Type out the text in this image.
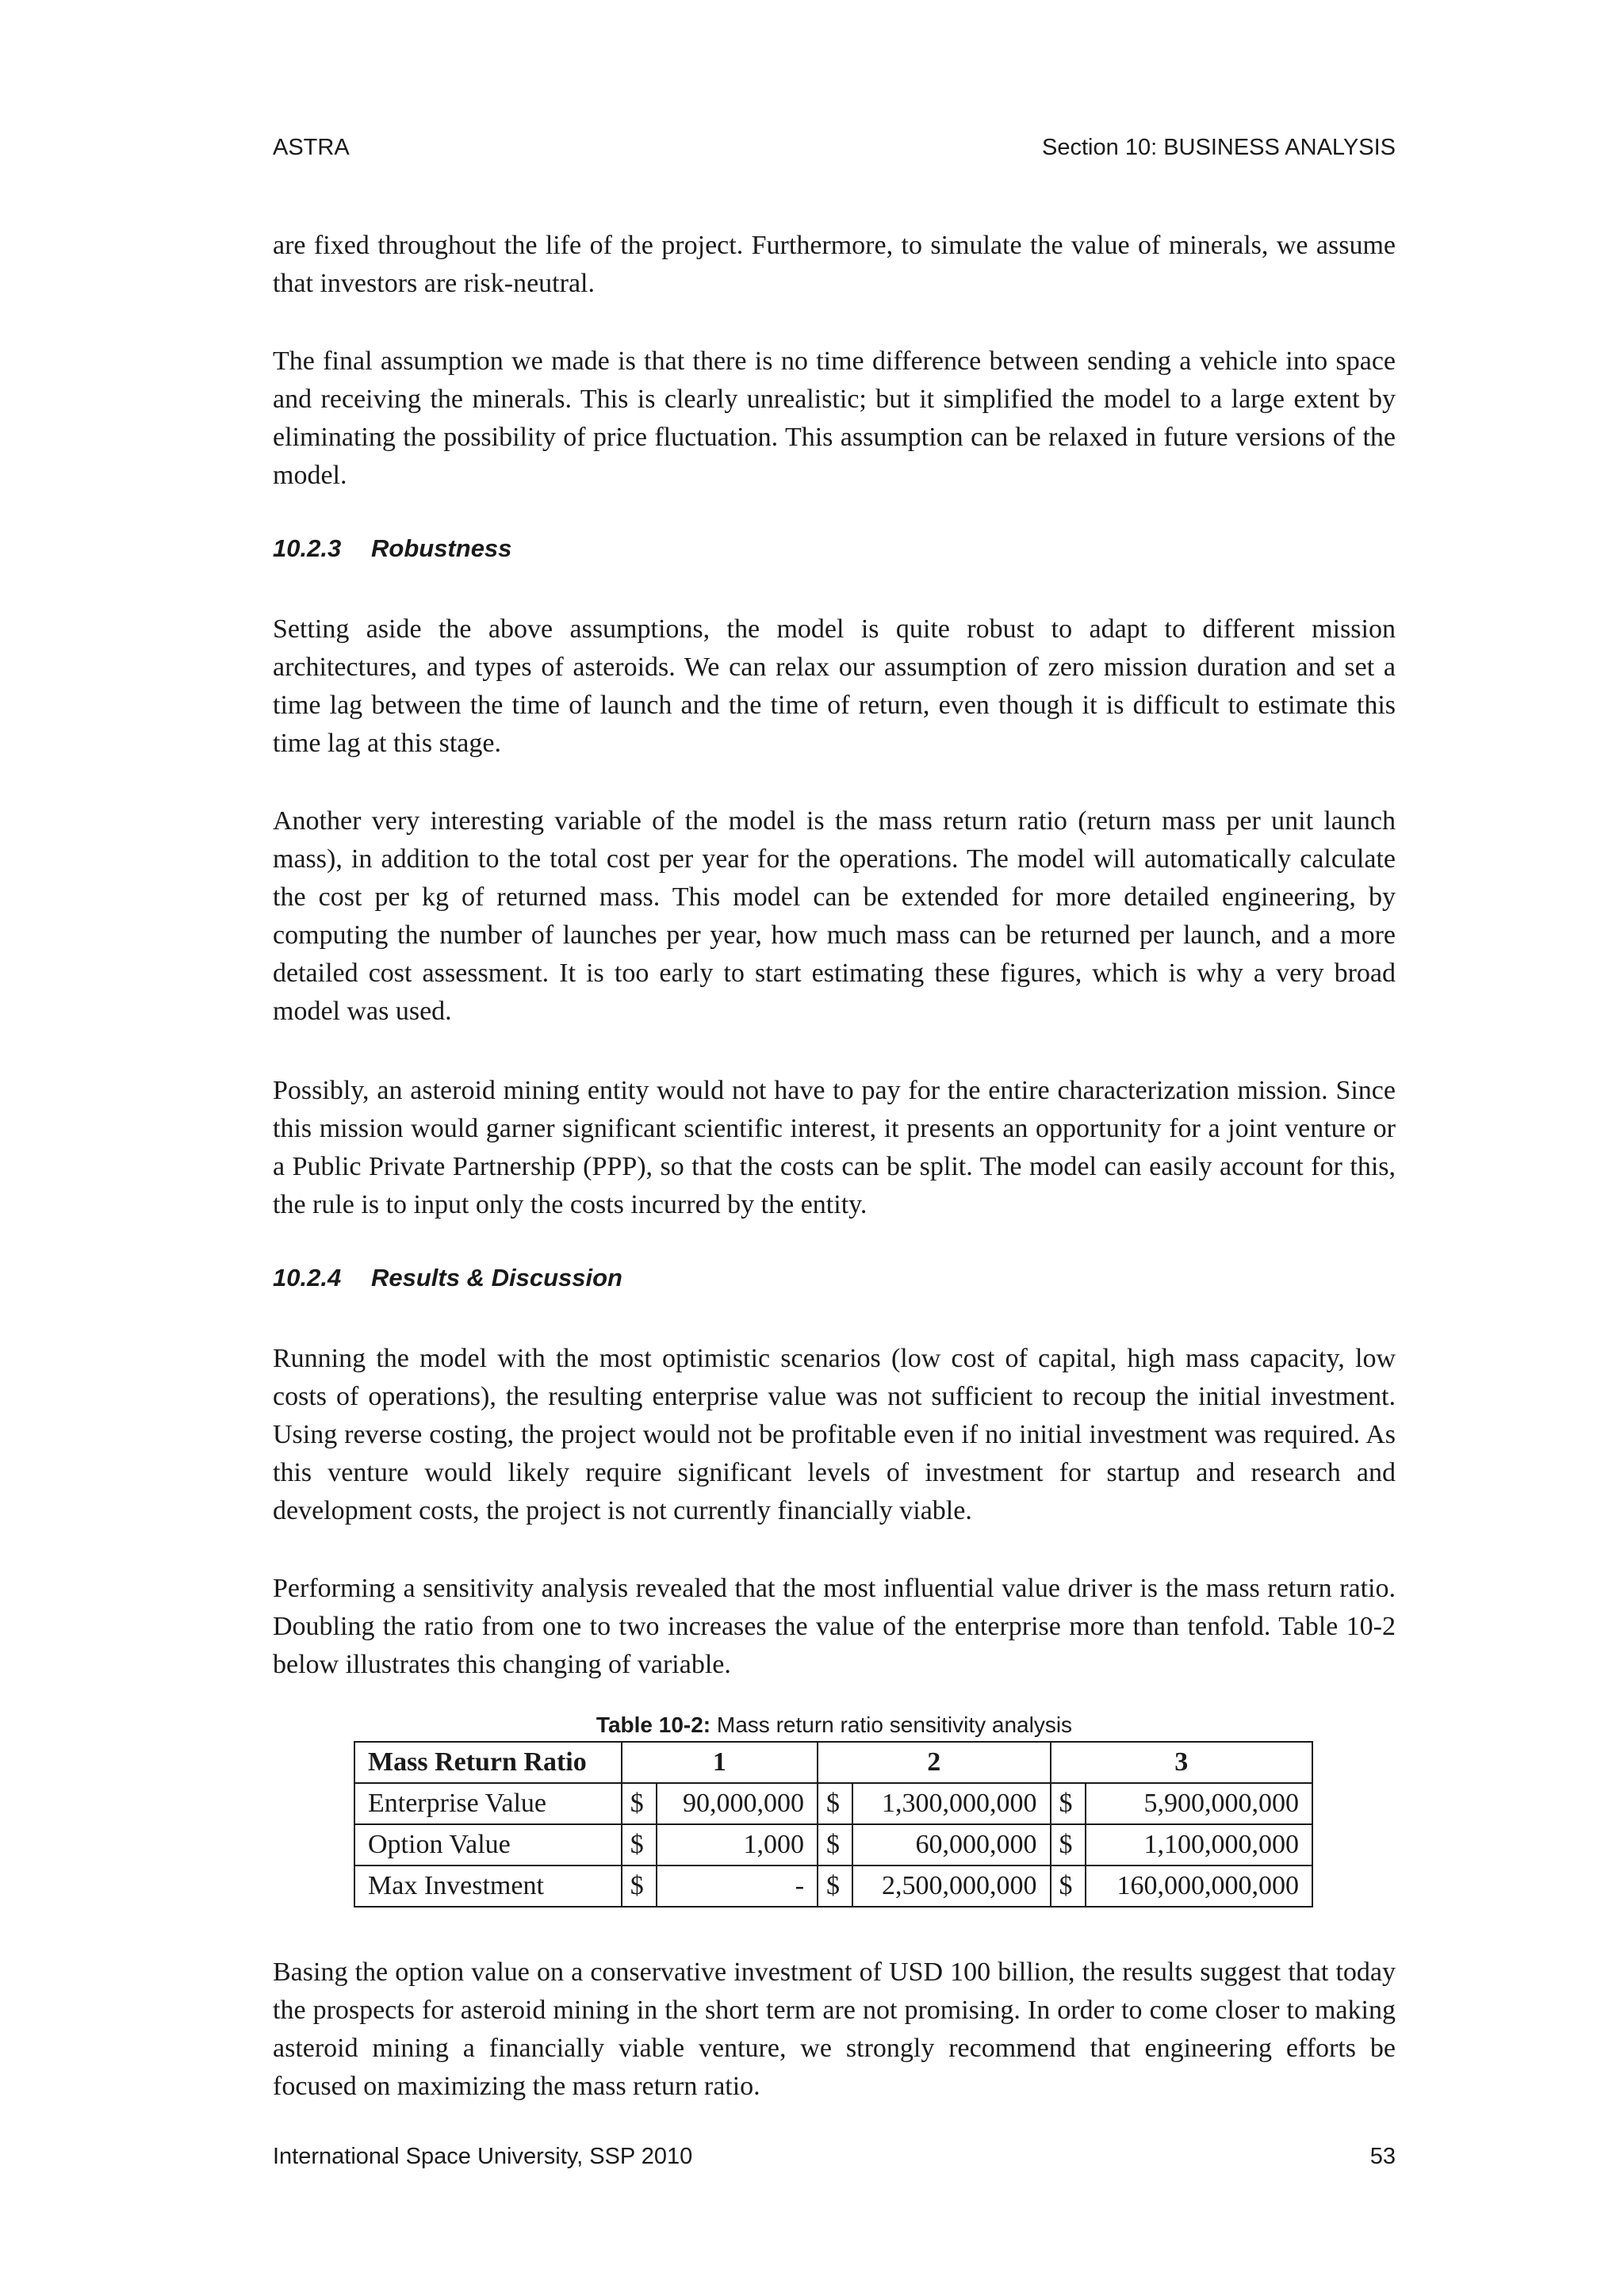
ASTRA	Section 10: BUSINESS ANALYSIS

are fixed throughout the life of the project. Furthermore, to simulate the value of minerals, we assume that investors are risk-neutral.

The final assumption we made is that there is no time difference between sending a vehicle into space and receiving the minerals. This is clearly unrealistic; but it simplified the model to a large extent by eliminating the possibility of price fluctuation. This assumption can be relaxed in future versions of the model.

10.2.3 Robustness

Setting aside the above assumptions, the model is quite robust to adapt to different mission architectures, and types of asteroids. We can relax our assumption of zero mission duration and set a time lag between the time of launch and the time of return, even though it is difficult to estimate this time lag at this stage.

Another very interesting variable of the model is the mass return ratio (return mass per unit launch mass), in addition to the total cost per year for the operations. The model will automatically calculate the cost per kg of returned mass. This model can be extended for more detailed engineering, by computing the number of launches per year, how much mass can be returned per launch, and a more detailed cost assessment. It is too early to start estimating these figures, which is why a very broad model was used.

Possibly, an asteroid mining entity would not have to pay for the entire characterization mission. Since this mission would garner significant scientific interest, it presents an opportunity for a joint venture or a Public Private Partnership (PPP), so that the costs can be split. The model can easily account for this, the rule is to input only the costs incurred by the entity.

10.2.4 Results & Discussion

Running the model with the most optimistic scenarios (low cost of capital, high mass capacity, low costs of operations), the resulting enterprise value was not sufficient to recoup the initial investment. Using reverse costing, the project would not be profitable even if no initial investment was required. As this venture would likely require significant levels of investment for startup and research and development costs, the project is not currently financially viable.

Performing a sensitivity analysis revealed that the most influential value driver is the mass return ratio. Doubling the ratio from one to two increases the value of the enterprise more than tenfold. Table 10-2 below illustrates this changing of variable.

Table 10-2: Mass return ratio sensitivity analysis
Mass Return Ratio	1		2		3	
Enterprise Value	$	90,000,000	$	1,300,000,000	$	5,900,000,000
Option Value	$	1,000	$	60,000,000	$	1,100,000,000
Max Investment	$	-	$	2,500,000,000	$	160,000,000,000

Basing the option value on a conservative investment of USD 100 billion, the results suggest that today the prospects for asteroid mining in the short term are not promising. In order to come closer to making asteroid mining a financially viable venture, we strongly recommend that engineering efforts be focused on maximizing the mass return ratio.

International Space University, SSP 2010	53
